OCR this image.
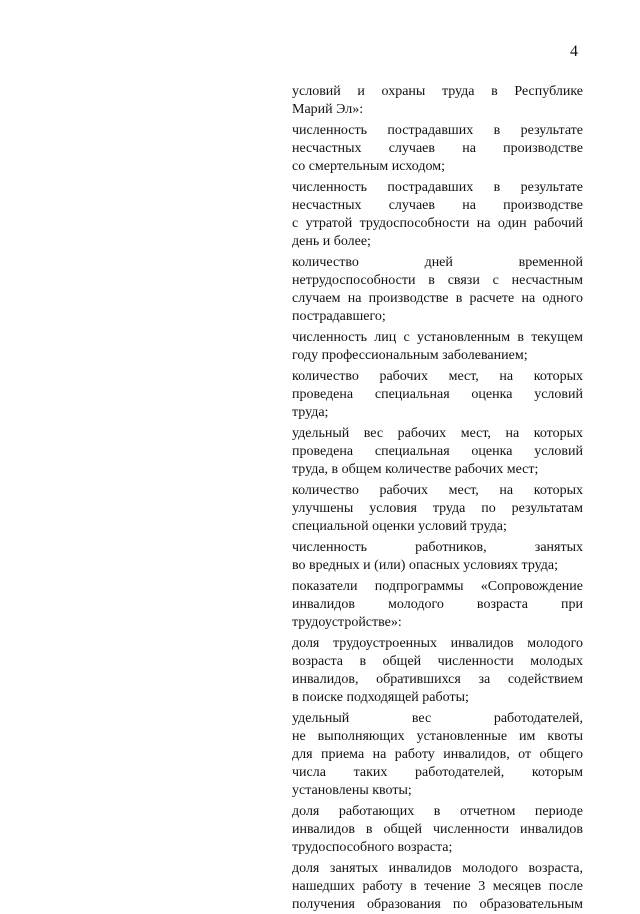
4
условий и охраны труда в Республике
Марий Эл»:
численность пострадавших в результате
несчастных случаев на производстве
со смертельным исходом;
численность пострадавших в результате
несчастных случаев на производстве
с утратой трудоспособности на один рабочий
день и более;
количество дней временной
нетрудоспособности в связи с несчастным
случаем на производстве в расчете на одного
пострадавшего;
численность лиц с установленным в текущем
году профессиональным заболеванием;
количество рабочих мест, на которых
проведена специальная оценка условий
труда;
удельный вес рабочих мест, на которых
проведена специальная оценка условий
труда, в общем количестве рабочих мест;
количество рабочих мест, на которых
улучшены условия труда по результатам
специальной оценки условий труда;
численность работников, занятых
во вредных и (или) опасных условиях труда;
показатели подпрограммы «Сопровождение
инвалидов молодого возраста при
трудоустройстве»:
доля трудоустроенных инвалидов молодого
возраста в общей численности молодых
инвалидов, обратившихся за содействием
в поиске подходящей работы;
удельный вес работодателей,
не выполняющих установленные им квоты
для приема на работу инвалидов, от общего
числа таких работодателей, которым
установлены квоты;
доля работающих в отчетном периоде
инвалидов в общей численности инвалидов
трудоспособного возраста;
доля занятых инвалидов молодого возраста,
нашедших работу в течение 3 месяцев после
получения образования по образовательным
